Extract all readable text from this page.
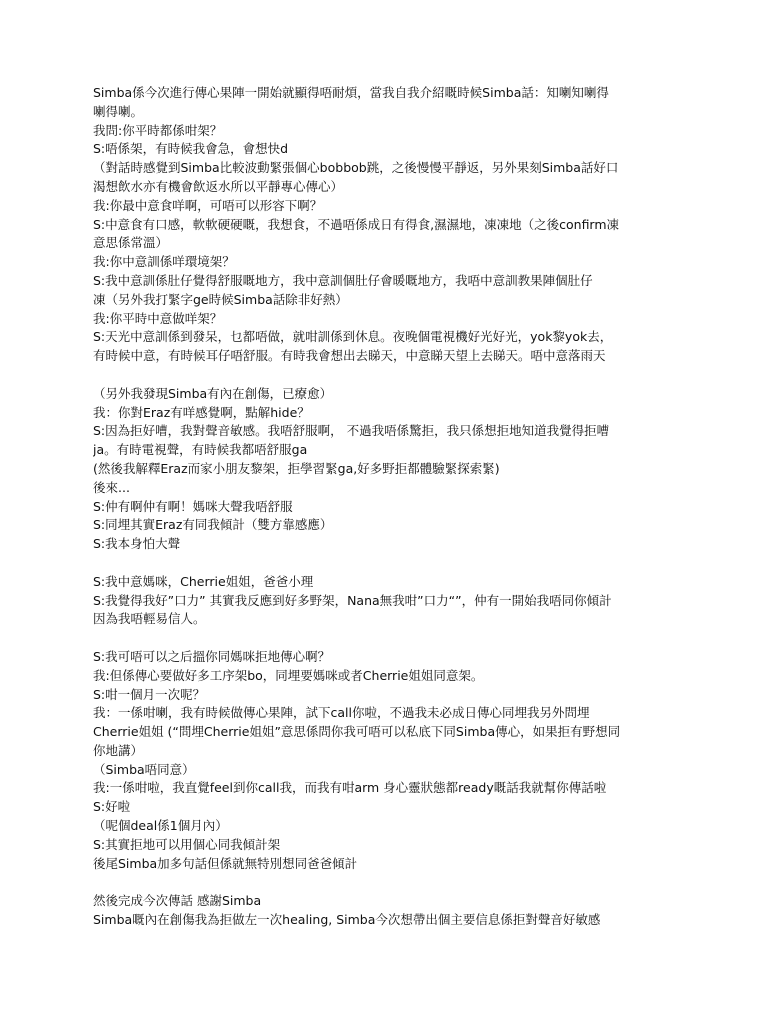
Simba係今次進行傳心果陣一開始就顯得唔耐煩，當我自我介紹嘅時候Simba話：知喇知喇得
喇得喇。
我問:你平時都係咁架？
S:唔係架，有時候我會急，會想快d
（對話時感覺到Simba比較波動緊張個心bobbob跳，之後慢慢平靜返，另外果刻Simba話好口
渴想飲水亦有機會飲返水所以平靜專心傳心）
我:你最中意食咩啊，可唔可以形容下啊？
S:中意食有口感，軟軟硬硬嘅，我想食，不過唔係成日有得食,濕濕地，凍凍地（之後confirm凍
意思係常溫）
我:你中意訓係咩環境架？
S:我中意訓係肚仔覺得舒服嘅地方，我中意訓個肚仔會暖嘅地方，我唔中意訓教果陣個肚仔
凍（另外我打緊字ge時候Simba話除非好熱）
我:你平時中意做咩架？
S:天光中意訓係到發呆，乜都唔做，就咁訓係到休息。夜晚個電視機好光好光，yok黎yok去，
有時候中意，有時候耳仔唔舒服。有時我會想出去睇天，中意睇天望上去睇天。唔中意落雨天
（另外我發現Simba有內在創傷，已療愈）
我：你對Eraz有咩感覺啊，點解hide？
S:因為拒好嘈，我對聲音敏感。我唔舒服啊， 不過我唔係驚拒，我只係想拒地知道我覺得拒嘈
ja。有時電視聲，有時候我都唔舒服ga
(然後我解釋Eraz而家小朋友黎架，拒學習緊ga,好多野拒都體驗緊探索緊)
後來...
S:仲有啊仲有啊！媽咪大聲我唔舒服
S:同埋其實Eraz有同我傾計（雙方靠感應）
S:我本身怕大聲
S:我中意媽咪，Cherrie姐姐，爸爸小理
S:我覺得我好”口力” 其實我反應到好多野架，Nana無我咁”口力“”，仲有一開始我唔同你傾計
因為我唔輕易信人。
S:我可唔可以之后搵你同媽咪拒地傳心啊？
我:但係傳心要做好多工序架bo，同埋要媽咪或者Cherrie姐姐同意架。
S:咁一個月一次呢？
我：一係咁喇，我有時候做傳心果陣，試下call你啦，不過我未必成日傳心同埋我另外問埋
Cherrie姐姐 (“問埋Cherrie姐姐”意思係問你我可唔可以私底下同Simba傳心，如果拒有野想同
你地講）
（Simba唔同意）
我:一係咁啦，我直覺feel到你call我，而我有咁arm 身心靈狀態都ready嘅話我就幫你傳話啦
S:好啦
（呢個deal係1個月內）
S:其實拒地可以用個心同我傾計架
後尾Simba加多句話但係就無特別想同爸爸傾計
然後完成今次傳話 感謝Simba
Simba嘅內在創傷我為拒做左一次healing, Simba今次想帶出個主要信息係拒對聲音好敏感
